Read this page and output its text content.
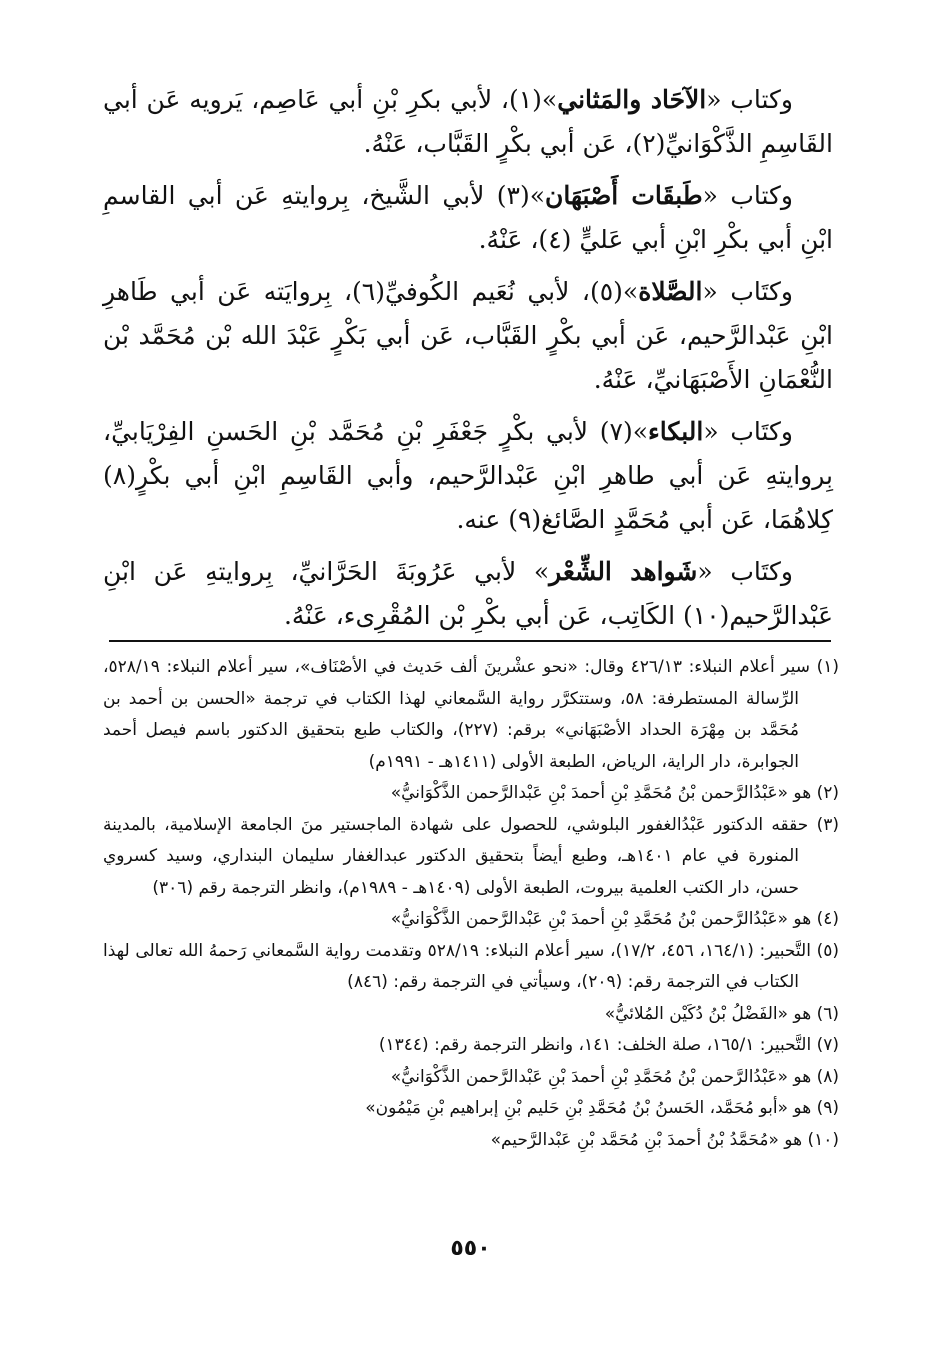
وكتاب «الآحَاد والمَثاني»(١)، لأبي بكرِ بْنِ أبي عَاصِم، يَرويه عَن أبي القَاسِمِ الذَّكْوَانيِّ(٢)، عَن أبي بكْرٍ القَبَّاب، عَنْهُ.

وكتاب «طَبقَات أَصْبَهَان»(٣) لأبي الشَّيخ، بِروايتهِ عَن أبي القاسمِ ابْنِ أبي بكْرِ ابْنِ أبي عَليٍّ (٤)، عَنْهُ.

وكتَاب «الصَّلاة»(٥)، لأبي نُعَيم الكُوفيِّ(٦)، بِروايَته عَن أبي طَاهرِ ابْنِ عَبْدالرَّحيم، عَن أبي بكْرٍ القَبَّاب، عَن أبي بَكْرٍ عَبْدَ الله بْن مُحَمَّد بْن النُّعْمَانِ الأَصْبَهَانيِّ، عَنْهُ.

وكتَاب «البكاء»(٧) لأبي بكْرٍ جَعْفَرِ بْنِ مُحَمَّد بْنِ الحَسنِ الفِرْيَابيِّ، بِروايتهِ عَن أبي طاهرِ ابْنِ عَبْدالرَّحيم، وأبي القَاسِمِ ابْنِ أبي بكْرٍ(٨) كِلاهُمَا، عَن أبي مُحَمَّدٍ الصَّائغ(٩) عنه.

وكتَاب «شَواهد الشِّعْر» لأبي عَرُوبَةَ الحَرَّانيِّ، بِروايتهِ عَن ابْنِ عَبْدالرَّحيم(١٠) الكَاتِب، عَن أبي بكْرِ بْن المُقْرِىء، عَنْهُ.

(١) سير أعلام النبلاء: ٤٢٦/١٣ وقال: «نحو عشْرينَ ألف حَديث في الأصْنَاف»، سير أعلام النبلاء: ٥٢٨/١٩، الرِّسالة المستطرفة: ٥٨، وستتكرَّر رواية السَّمعاني لهذا الكتاب في ترجمة «الحسن بن أحمد بن مُحَمَّد بن مِهْرَة الحداد الأصْبَهَاني» برقم: (٢٢٧)، والكتاب طبع بتحقيق الدكتور باسم فيصل أحمد الجوابرة، دار الراية، الرياض، الطبعة الأولى (١٤١١هـ - ١٩٩١م)

(٢) هو «عَبْدُالرَّحمن بْنُ مُحَمَّدِ بْنِ أحمدَ بْنِ عَبْدالرَّحمن الذَّكْوَانيُّ»

(٣) حققه الدكتور عَبْدُالغفور البلوشي، للحصول على شهادة الماجستير منَ الجامعة الإسلامية، بالمدينة المنورة في عام ١٤٠١هـ، وطبع أيضاً بتحقيق الدكتور عبدالغفار سليمان البنداري، وسيد كسروي حسن، دار الكتب العلمية بيروت، الطبعة الأولى (١٤٠٩هـ - ١٩٨٩م)، وانظر الترجمة رقم (٣٠٦)

(٤) هو «عَبْدُالرَّحمن بْنُ مُحَمَّدِ بْنِ أحمدَ بْنِ عَبْدالرَّحمن الذَّكْوَانيُّ»

(٥) التَّحبير: (١٦٤/١، ٤٥٦، ١٧/٢)، سير أعلام النبلاء: ٥٢٨/١٩ وتقدمت رواية السَّمعاني رَحمهُ الله تعالى لهذا الكتاب في الترجمة رقم: (٢٠٩)، وسيأتي في الترجمة رقم: (٨٤٦)

(٦) هو «الفَضْلُ بْنُ دُكَيْن المُلائيُّ»

(٧) التَّحبير: ١٦٥/١، صلة الخلف: ١٤١، وانظر الترجمة رقم: (١٣٤٤)

(٨) هو «عَبْدُالرَّحمن بْنُ مُحَمَّدِ بْنِ أحمدَ بْنِ عَبْدالرَّحمن الذَّكْوَانيُّ»

(٩) هو «أبو مُحَمَّد، الحَسنُ بْنُ مُحَمَّدِ بْنِ حَليم بْنِ إبراهيم بْنِ مَيْمُون»

(١٠) هو «مُحَمَّدُ بْنُ أحمدَ بْنِ مُحَمَّد بْنِ عَبْدالرَّحيم»

٥٥٠
